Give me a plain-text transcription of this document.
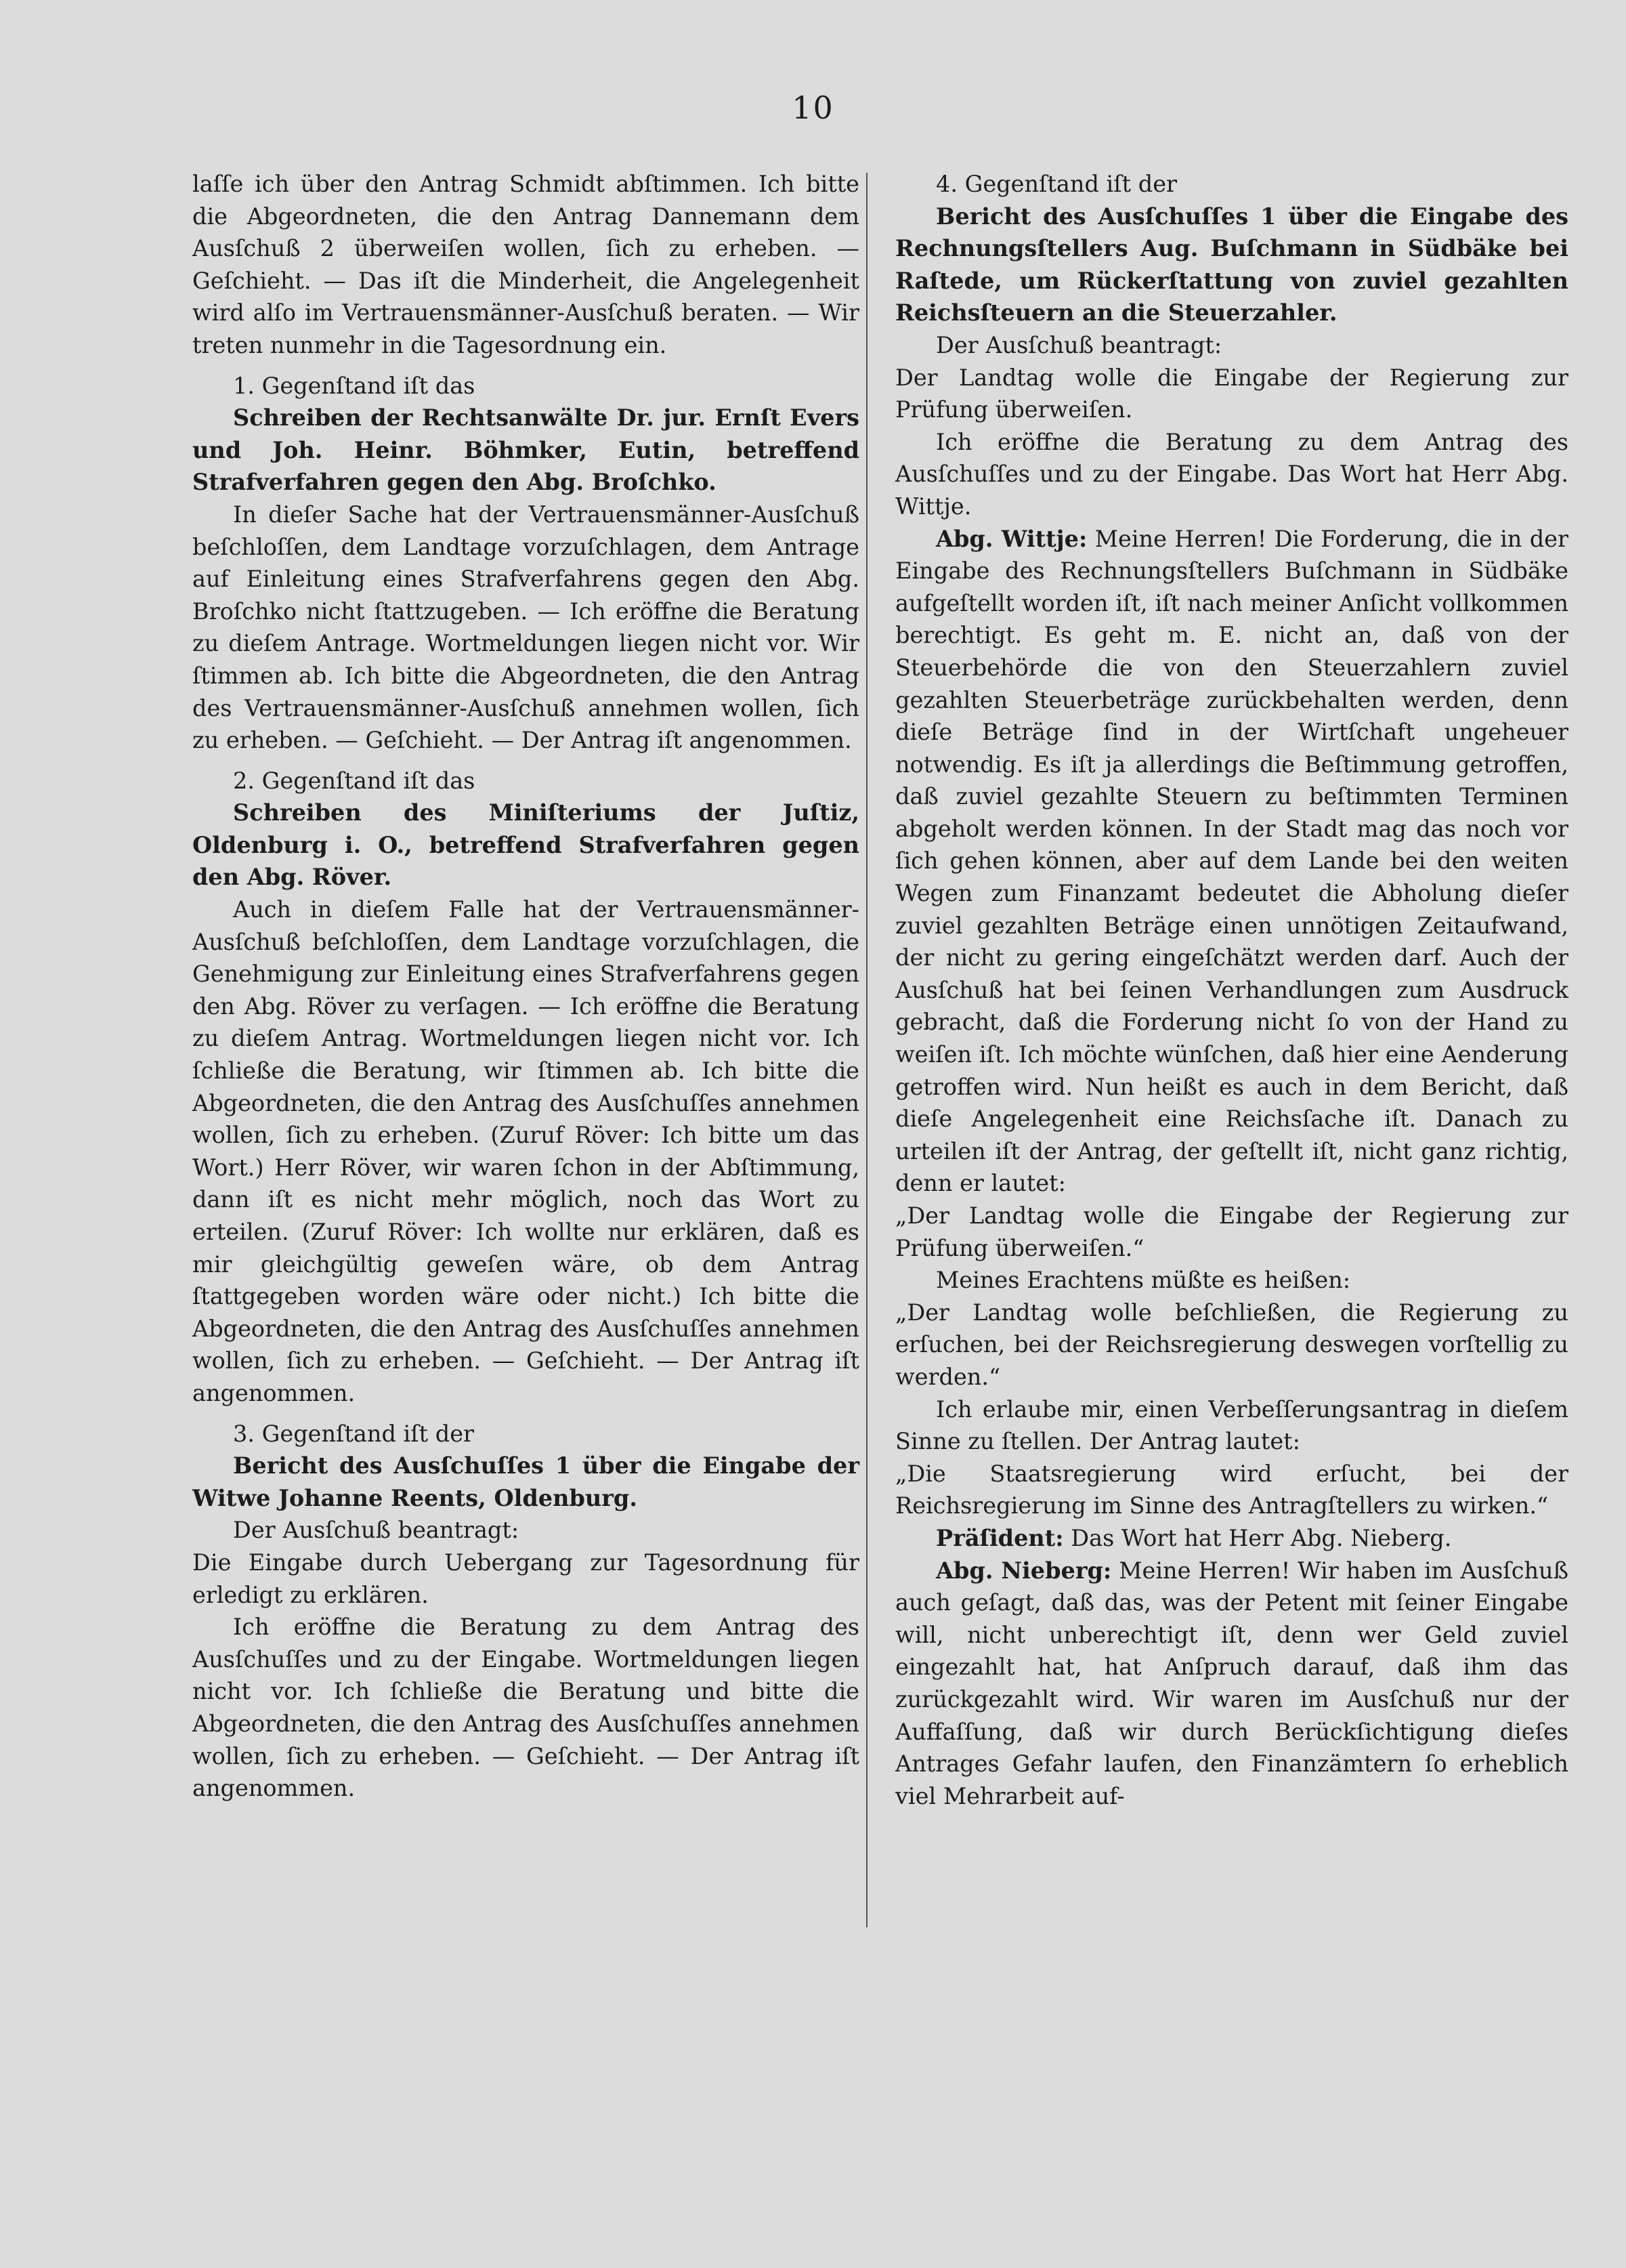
10

laſſe ich über den Antrag Schmidt abſtimmen. Ich bitte die Abgeordneten, die den Antrag Dannemann dem Ausſchuß 2 überweiſen wollen, ſich zu erheben. — Geſchieht. — Das iſt die Minderheit, die Angelegenheit wird alſo im Vertrauensmänner-Ausſchuß beraten. — Wir treten nunmehr in die Tagesordnung ein.

1. Gegenſtand iſt das

Schreiben der Rechtsanwälte Dr. jur. Ernſt Evers und Joh. Heinr. Böhmker, Eutin, betreffend Strafverfahren gegen den Abg. Broſchko.

In dieſer Sache hat der Vertrauensmänner-Ausſchuß beſchloſſen, dem Landtage vorzuſchlagen, dem Antrage auf Einleitung eines Strafverfahrens gegen den Abg. Broſchko nicht ſtattzugeben. — Ich eröffne die Beratung zu dieſem Antrage. Wortmeldungen liegen nicht vor. Wir ſtimmen ab. Ich bitte die Abgeordneten, die den Antrag des Vertrauensmänner-Ausſchuß annehmen wollen, ſich zu erheben. — Geſchieht. — Der Antrag iſt angenommen.

2. Gegenſtand iſt das

Schreiben des Miniſteriums der Juſtiz, Oldenburg i. O., betreffend Strafverfahren gegen den Abg. Röver.

Auch in dieſem Falle hat der Vertrauensmänner-Ausſchuß beſchloſſen, dem Landtage vorzuſchlagen, die Genehmigung zur Einleitung eines Strafverfahrens gegen den Abg. Röver zu verſagen. — Ich eröffne die Beratung zu dieſem Antrag. Wortmeldungen liegen nicht vor. Ich ſchließe die Beratung, wir ſtimmen ab. Ich bitte die Abgeordneten, die den Antrag des Ausſchuſſes annehmen wollen, ſich zu erheben. (Zuruf Röver: Ich bitte um das Wort.) Herr Röver, wir waren ſchon in der Abſtimmung, dann iſt es nicht mehr möglich, noch das Wort zu erteilen. (Zuruf Röver: Ich wollte nur erklären, daß es mir gleichgültig geweſen wäre, ob dem Antrag ſtattgegeben worden wäre oder nicht.) Ich bitte die Abgeordneten, die den Antrag des Ausſchuſſes annehmen wollen, ſich zu erheben. — Geſchieht. — Der Antrag iſt angenommen.

3. Gegenſtand iſt der

Bericht des Ausſchuſſes 1 über die Eingabe der Witwe Johanne Reents, Oldenburg.

Der Ausſchuß beantragt:

Die Eingabe durch Uebergang zur Tagesordnung für erledigt zu erklären.

Ich eröffne die Beratung zu dem Antrag des Ausſchuſſes und zu der Eingabe. Wortmeldungen liegen nicht vor. Ich ſchließe die Beratung und bitte die Abgeordneten, die den Antrag des Ausſchuſſes annehmen wollen, ſich zu erheben. — Geſchieht. — Der Antrag iſt angenommen.

4. Gegenſtand iſt der

Bericht des Ausſchuſſes 1 über die Eingabe des Rechnungsſtellers Aug. Buſchmann in Südbäke bei Raſtede, um Rückerſtattung von zuviel gezahlten Reichsſteuern an die Steuerzahler.

Der Ausſchuß beantragt:

Der Landtag wolle die Eingabe der Regierung zur Prüfung überweiſen.

Ich eröffne die Beratung zu dem Antrag des Ausſchuſſes und zu der Eingabe. Das Wort hat Herr Abg. Wittje.

Abg. Wittje: Meine Herren! Die Forderung, die in der Eingabe des Rechnungsſtellers Buſchmann in Südbäke aufgeſtellt worden iſt, iſt nach meiner Anſicht vollkommen berechtigt. Es geht m. E. nicht an, daß von der Steuerbehörde die von den Steuerzahlern zuviel gezahlten Steuerbeträge zurückbehalten werden, denn dieſe Beträge ſind in der Wirtſchaft ungeheuer notwendig. Es iſt ja allerdings die Beſtimmung getroffen, daß zuviel gezahlte Steuern zu beſtimmten Terminen abgeholt werden können. In der Stadt mag das noch vor ſich gehen können, aber auf dem Lande bei den weiten Wegen zum Finanzamt bedeutet die Abholung dieſer zuviel gezahlten Beträge einen unnötigen Zeitaufwand, der nicht zu gering eingeſchätzt werden darf. Auch der Ausſchuß hat bei ſeinen Verhandlungen zum Ausdruck gebracht, daß die Forderung nicht ſo von der Hand zu weiſen iſt. Ich möchte wünſchen, daß hier eine Aenderung getroffen wird. Nun heißt es auch in dem Bericht, daß dieſe Angelegenheit eine Reichsſache iſt. Danach zu urteilen iſt der Antrag, der geſtellt iſt, nicht ganz richtig, denn er lautet:

„Der Landtag wolle die Eingabe der Regierung zur Prüfung überweiſen.“

Meines Erachtens müßte es heißen:

„Der Landtag wolle beſchließen, die Regierung zu erſuchen, bei der Reichsregierung deswegen vorſtellig zu werden.“

Ich erlaube mir, einen Verbeſſerungsantrag in dieſem Sinne zu ſtellen. Der Antrag lautet:

„Die Staatsregierung wird erſucht, bei der Reichsregierung im Sinne des Antragſtellers zu wirken.“

Präſident: Das Wort hat Herr Abg. Nieberg.

Abg. Nieberg: Meine Herren! Wir haben im Ausſchuß auch geſagt, daß das, was der Petent mit ſeiner Eingabe will, nicht unberechtigt iſt, denn wer Geld zuviel eingezahlt hat, hat Anſpruch darauf, daß ihm das zurückgezahlt wird. Wir waren im Ausſchuß nur der Auffaſſung, daß wir durch Berückſichtigung dieſes Antrages Gefahr laufen, den Finanzämtern ſo erheblich viel Mehrarbeit auf-
